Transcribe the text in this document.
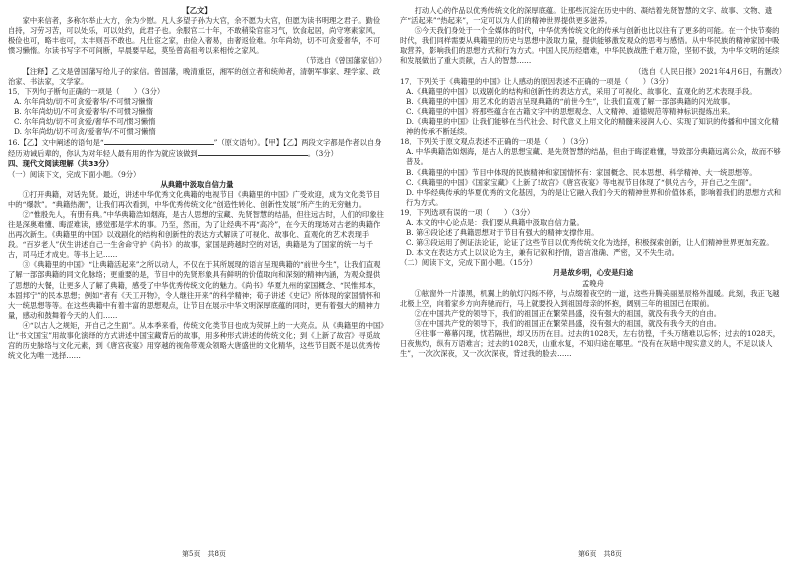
【乙文】

家中来信者，多称尔举止大方，余为少慰。凡人多望子孙为大官，余不愿为大官，但愿为读书明理之君子。勤俭自持，习劳习苦，可以处乐，可以处约，此君子也。余服官二十年，不敢稍染官宦习气，饮食起居，尚守寒素家风，极俭也可，略丰也可，太丰则吾不敢也。凡仕宦之家，由俭入奢易，由奢返俭难。尔年尚幼，切不可贪爱奢华，不可惯习懒惰。尔读书写字不可间断，早晨要早起，莫坠曾高祖考以来相传之家风。

（节选自《曾国藩家信》）

【注释】乙文是曾国藩写给儿子的家信。曾国藩，晚清重臣，湘军的创立者和统帅者，清朝军事家、理学家、政治家、书法家，文学家。

15．下列句子断句正确的一项是（　　）（3分）

A. 尔年尚幼/切不可贪爱奢华/不可惯习懒惰

B. 尔年尚幼切/不可贪爱奢华/不可惯习懒惰

C. 尔年尚幼/切不可贪爱/奢华不可/惯习懒惰

D. 尔年尚幼/切不可贪/爱奢华/不可惯习懒惰

16.【乙】文中阐述的语句是“	”（原文语句）。【甲】【乙】两段文字都是作者以自身经历劝诫后辈的，你认为对年轻人最有用的作为就应该做到	。（3分）

四、现代文阅读理解（共33分）

（一）阅读下文，完成下面小题。（9分）

从典籍中汲取自信力量

①打开典籍，对话先贤。最近，讲述中华优秀文化典籍的电视节目《典籍里的中国》广受欢迎，成为文化类节目中的“爆款”。“典籍热潮”，让我们再次看到，中华优秀传统文化“创造性转化、创新性发展”所产生的无穷魅力。

②“惟殷先人，有册有典。”中华典籍浩如烟海，是古人思想的宝藏、先贤智慧的结晶，但往远古时，人们的印象往往是深奥难懂、晦涩难读，感觉那是学术的事。乃至，然而，为了让经典不再“高冷”，在今天的现场对古老的典籍作出再次新生。《典籍里的中国》以戏剧化的结构和创新性的表达方式解读了可视化、故事化、直观化的艺术表现手段。“百岁老人”伏生讲述自己一生舍命守护《尚书》的故事，家国是跨越时空的对话，典籍是为了国家的统一与千古，司马迁才成史。等书上记……

③《典籍里的中国》“让典籍活起来”之所以动人，不仅在于其所展现的语言呈现典籍的“前世今生”，让我们直观了解一部部典籍的同文化脉络；更重要的是，节目中的先贤形象具有鲜明的价值取向和深刻的精神内涵，为观众提供了思想的大餐，让更多人了解了典籍，感受了中华优秀传统文化的魅力。《尚书》华夏九州的家国概念、“民惟邦本，本固邦宁”的民本思想；例如“者有《天工开物》，令人继往开来”的科学精神；荀子讲述《史记》所体现的家国情怀和大一统思想等等。在这些典籍中有着丰富的思想观点，让节目在展示中华文明深厚底蕴的同时，更有着强大的精神力量，感动和鼓舞着今天的人们……

④“以古人之规矩，开自己之生面”。从本季来看，传统文化类节目也成为荧屏上的一大亮点。从《典籍里的中国》让“书文国宝”用故事化演绎的方式讲述中国宝藏背后的故事，用多种形式讲述的传统文化；到《上新了故宫》寻觅故宫的历史脉络与文化元素，到《唐宫夜宴》用穿越的视角带观众领略大唐盛世的文化精华，这些节目既不是以优秀传统文化为唯一选择……

打动人心的作品以优秀传统文化的深厚底蕴。让那些沉淀在历史中的、凝结着先贤智慧的文字、故事、文物、遗产“活起来”“热起来”，一定可以为人们的精神世界提供更多滋养。

⑤今天我们身处于一个全媒体的时代，中华优秀传统文化的传承与创新也比以往有了更多的可能。在一个快节奏的时代，我们同样需要从典籍里的历史与思想中汲取力量，提供能够激发观众的思考与感悟。从中华民族的精神家园中吸取营养，影响我们的思想方式和行为方式。中国人民历经磨难，中华民族战胜千难万险，坚韧不拔，为中华文明的延续和发展做出了重大贡献，古人的智慧……

（选自《人民日报》2021年4月6日，有删改）

17．下列关于《典籍里的中国》让人感动的原因表述不正确的一项是（　　）（3分）

A.《典籍里的中国》以戏剧化的结构和创新性的表达方式，采用了可视化、故事化、直观化的艺术表现手段。

B.《典籍里的中国》用艺术化的语言呈现典籍的“前世今生”，让我们直观了解一部部典籍的闪光故事。

C.《典籍里的中国》将那些蕴含在古籍文字中的思想观念、人文精神、道德规范等精神标识提炼出来。

D.《典籍里的中国》让我们能够在当代社会、时代意义上用文化的精髓来浸润人心、实现了知识的传播和中国文化精神的传承不断延续。

18．下列关于原文观点表述不正确的一项是（　　）（3分）

A. 中华典籍浩如烟海，是古人的思想宝藏、是先贤智慧的结晶，但由于晦涩难懂，导致部分典籍远离公众，故而不够普及。

B.《典籍里的中国》节目中体现的民族精神和家国情怀有：家国概念、民本思想、科学精神、大一统思想等。

C.《典籍里的中国》《国家宝藏》《上新了!故宫》《唐宫夜宴》等电视节目体现了“俱兑古今，开自己之生面”。

D. 中华经典传承的华夏优秀的文化基因，为的是让它融入我们今天的精神世界和价值体系，影响着我们的思想方式和行为方式。

19．下列选项有误的一项（　　）（3分）

A. 本文的中心论点是：我们要从典籍中汲取自信力量。

B. 第④段论述了典籍思想对于节目有强大的精神支撑作用。

C. 第③段运用了例证法论证，论证了这些节目以优秀传统文化为选择，积极探索创新，让人们精神世界更加充盈。

D. 本文在表达方式上以议论为主，兼有记叙和抒情，语言准确、严密，又不失生动。

（二）阅读下文，完成下面小题。（15分）

月是故乡明，心安是归途

孟晚舟

①舷窗外一片漆黑，机翼上的航灯闪烁不停，与点缀着夜空的一道，这些升腾美丽星辰格外温暖。此刻，我正飞越北极上空，向着家乡方向奔驰而行，马上就要投入到祖国母亲的怀抱，阔别三年的祖国已在眼前。

②在中国共产党的领导下，我们的祖国正在繁荣昌盛，没有强大的祖国，就没有我今天的自由。

③在中国共产党的领导下，我们的祖国正在繁荣昌盛，没有强大的祖国，就没有我今天的自由。

④往事一幕幕闪现，忧若隔世，却又历历在目。过去的1028天，左右彷徨，千头万绪难以忘怀；过去的1028天，日夜焦灼，纵有万语难言；过去的1028天，山重水复，不知归途在哪里。“没有在灰暗中现实意义的人，不足以谈人生”，一次次深夜，又一次次深夜，背过我的脸去……

第5页　共8页	第6页　共8页
